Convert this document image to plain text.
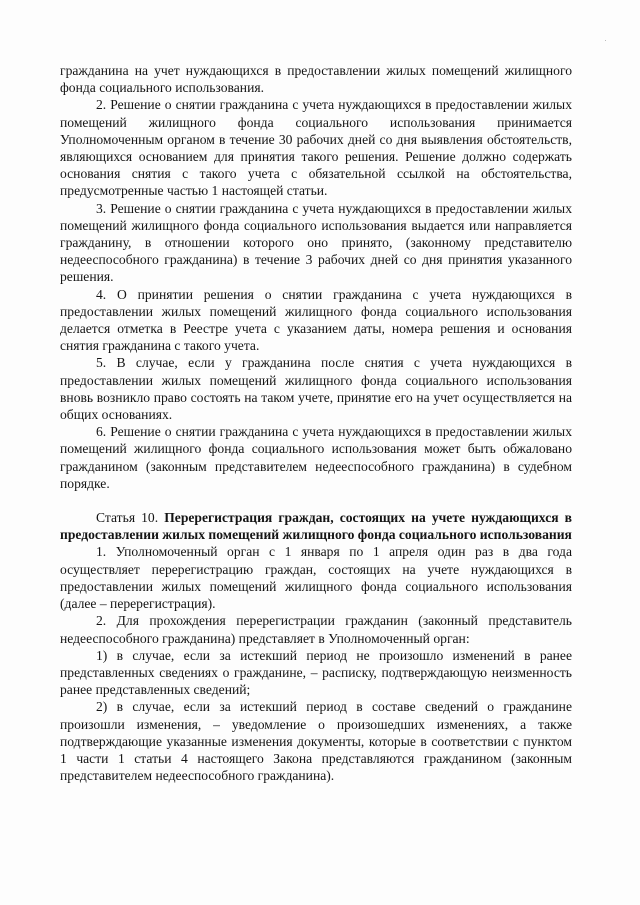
гражданина на учет нуждающихся в предоставлении жилых помещений жилищного фонда социального использования.

2. Решение о снятии гражданина с учета нуждающихся в предоставлении жилых помещений жилищного фонда социального использования принимается Уполномоченным органом в течение 30 рабочих дней со дня выявления обстоятельств, являющихся основанием для принятия такого решения. Решение должно содержать основания снятия с такого учета с обязательной ссылкой на обстоятельства, предусмотренные частью 1 настоящей статьи.

3. Решение о снятии гражданина с учета нуждающихся в предоставлении жилых помещений жилищного фонда социального использования выдается или направляется гражданину, в отношении которого оно принято, (законному представителю недееспособного гражданина) в течение 3 рабочих дней со дня принятия указанного решения.

4. О принятии решения о снятии гражданина с учета нуждающихся в предоставлении жилых помещений жилищного фонда социального использования делается отметка в Реестре учета с указанием даты, номера решения и основания снятия гражданина с такого учета.

5. В случае, если у гражданина после снятия с учета нуждающихся в предоставлении жилых помещений жилищного фонда социального использования вновь возникло право состоять на таком учете, принятие его на учет осуществляется на общих основаниях.

6. Решение о снятии гражданина с учета нуждающихся в предоставлении жилых помещений жилищного фонда социального использования может быть обжаловано гражданином (законным представителем недееспособного гражданина) в судебном порядке.

Статья 10. Перерегистрация граждан, состоящих на учете нуждающихся в предоставлении жилых помещений жилищного фонда социального использования

1. Уполномоченный орган с 1 января по 1 апреля один раз в два года осуществляет перерегистрацию граждан, состоящих на учете нуждающихся в предоставлении жилых помещений жилищного фонда социального использования (далее – перерегистрация).

2. Для прохождения перерегистрации гражданин (законный представитель недееспособного гражданина) представляет в Уполномоченный орган:

1) в случае, если за истекший период не произошло изменений в ранее представленных сведениях о гражданине, – расписку, подтверждающую неизменность ранее представленных сведений;

2) в случае, если за истекший период в составе сведений о гражданине произошли изменения, – уведомление о произошедших изменениях, а также подтверждающие указанные изменения документы, которые в соответствии с пунктом 1 части 1 статьи 4 настоящего Закона представляются гражданином (законным представителем недееспособного гражданина).
